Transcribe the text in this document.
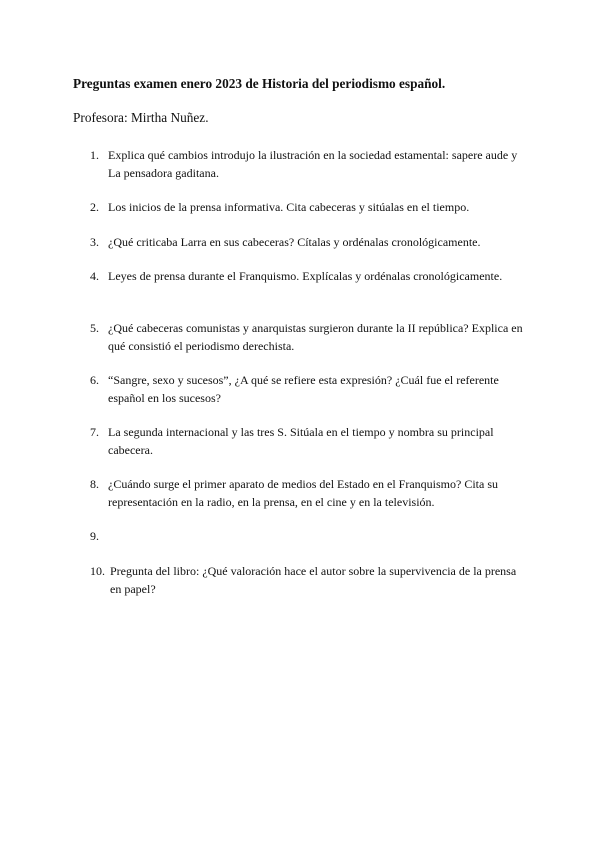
Preguntas examen enero 2023 de Historia del periodismo español.
Profesora: Mirtha Nuñez.
1. Explica qué cambios introdujo la ilustración en la sociedad estamental: sapere aude y La pensadora gaditana.
2. Los inicios de la prensa informativa. Cita cabeceras y sitúalas en el tiempo.
3. ¿Qué criticaba Larra en sus cabeceras? Cítalas y ordénalas cronológicamente.
4. Leyes de prensa durante el Franquismo. Explícalas y ordénalas cronológicamente.
5. ¿Qué cabeceras comunistas y anarquistas surgieron durante la II república? Explica en qué consistió el periodismo derechista.
6. “Sangre, sexo y sucesos”, ¿A qué se refiere esta expresión? ¿Cuál fue el referente español en los sucesos?
7. La segunda internacional y las tres S. Sitúala en el tiempo y nombra su principal cabecera.
8. ¿Cuándo surge el primer aparato de medios del Estado en el Franquismo? Cita su representación en la radio, en la prensa, en el cine y en la televisión.
9.
10. Pregunta del libro: ¿Qué valoración hace el autor sobre la supervivencia de la prensa en papel?
